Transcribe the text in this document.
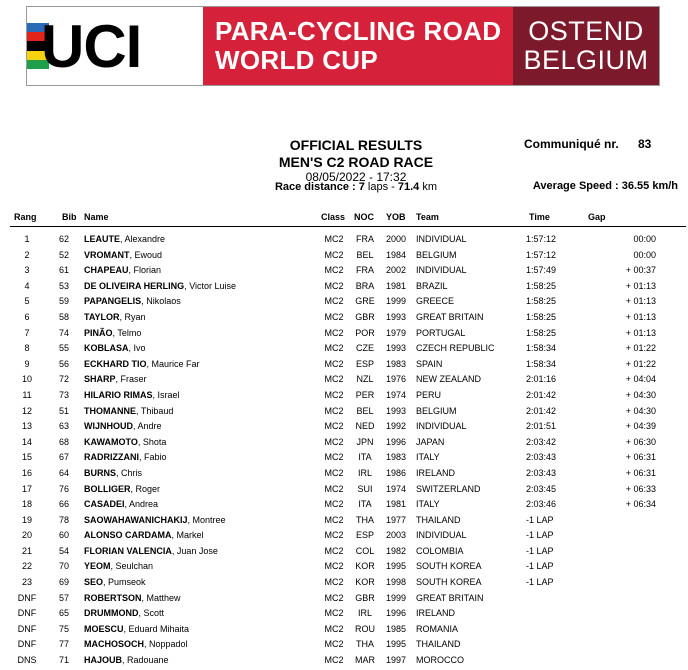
UCI	PARA-CYCLING ROAD
WORLD CUP
OSTEND
BELGIUM
OFFICIAL RESULTS
MEN'S C2 ROAD RACE
08/05/2022 - 17:32
Race distance : 7 laps - 71.4 km
Communiqué nr. 83
Average Speed : 36.55 km/h
Rang	Bib Name	Class NOC YOB Team	Time	Gap
1	62	LEAUTE, Alexandre	MC2	FRA 2000 INDIVIDUAL	1:57:12	00:00
2	52	VROMANT, Ewoud	MC2	BEL 1984 BELGIUM	1:57:12	00:00
3	61	CHAPEAU, Florian	MC2	FRA 2002 INDIVIDUAL	1:57:49	+ 00:37
4	53	DE OLIVEIRA HERLING, Victor Luise	MC2	BRA 1981 BRAZIL	1:58:25	+ 01:13
5	59	PAPANGELIS, Nikolaos	MC2	GRE 1999 GREECE	1:58:25	+ 01:13
6	58	TAYLOR, Ryan	MC2	GBR 1993 GREAT BRITAIN	1:58:25	+ 01:13
7	74	PINÃO, Telmo	MC2	POR 1979 PORTUGAL	1:58:25	+ 01:13
8	55	KOBLASA, Ivo	MC2	CZE 1993 CZECH REPUBLIC	1:58:34	+ 01:22
9	56	ECKHARD TIO, Maurice Far	MC2	ESP 1983 SPAIN	1:58:34	+ 01:22
10	72	SHARP, Fraser	MC2	NZL 1976 NEW ZEALAND	2:01:16	+ 04:04
11	73	HILARIO RIMAS, Israel	MC2	PER 1974 PERU	2:01:42	+ 04:30
12	51	THOMANNE, Thibaud	MC2	BEL 1993 BELGIUM	2:01:42	+ 04:30
13	63	WIJNHOUD, Andre	MC2	NED 1992 INDIVIDUAL	2:01:51	+ 04:39
14	68	KAWAMOTO, Shota	MC2	JPN 1996 JAPAN	2:03:42	+ 06:30
15	67	RADRIZZANI, Fabio	MC2	ITA	1983 ITALY	2:03:43	+ 06:31
16	64	BURNS, Chris	MC2	IRL	1986 IRELAND	2:03:43	+ 06:31
17	76	BOLLIGER, Roger	MC2	SUI	1974 SWITZERLAND	2:03:45	+ 06:33
18	66	CASADEI, Andrea	MC2	ITA	1981 ITALY	2:03:46	+ 06:34
19	78	SAOWAHAWANICHAKIJ, Montree	MC2	THA 1977 THAILAND	-1 LAP
20	60	ALONSO CARDAMA, Markel	MC2	ESP 2003 INDIVIDUAL	-1 LAP
21	54	FLORIAN VALENCIA, Juan Jose	MC2	COL 1982 COLOMBIA	-1 LAP
22	70	YEOM, Seulchan	MC2	KOR 1995 SOUTH KOREA	-1 LAP
23	69	SEO, Pumseok	MC2	KOR 1998 SOUTH KOREA	-1 LAP
DNF	57	ROBERTSON, Matthew	MC2	GBR 1999 GREAT BRITAIN
DNF	65	DRUMMOND, Scott	MC2	IRL	1996 IRELAND
DNF	75	MOESCU, Eduard Mihaita	MC2	ROU 1985 ROMANIA
DNF	77	MACHOSOCH, Noppadol	MC2	THA 1995 THAILAND
DNS	71	HAJOUB, Radouane	MC2	MAR 1997 MOROCCO
